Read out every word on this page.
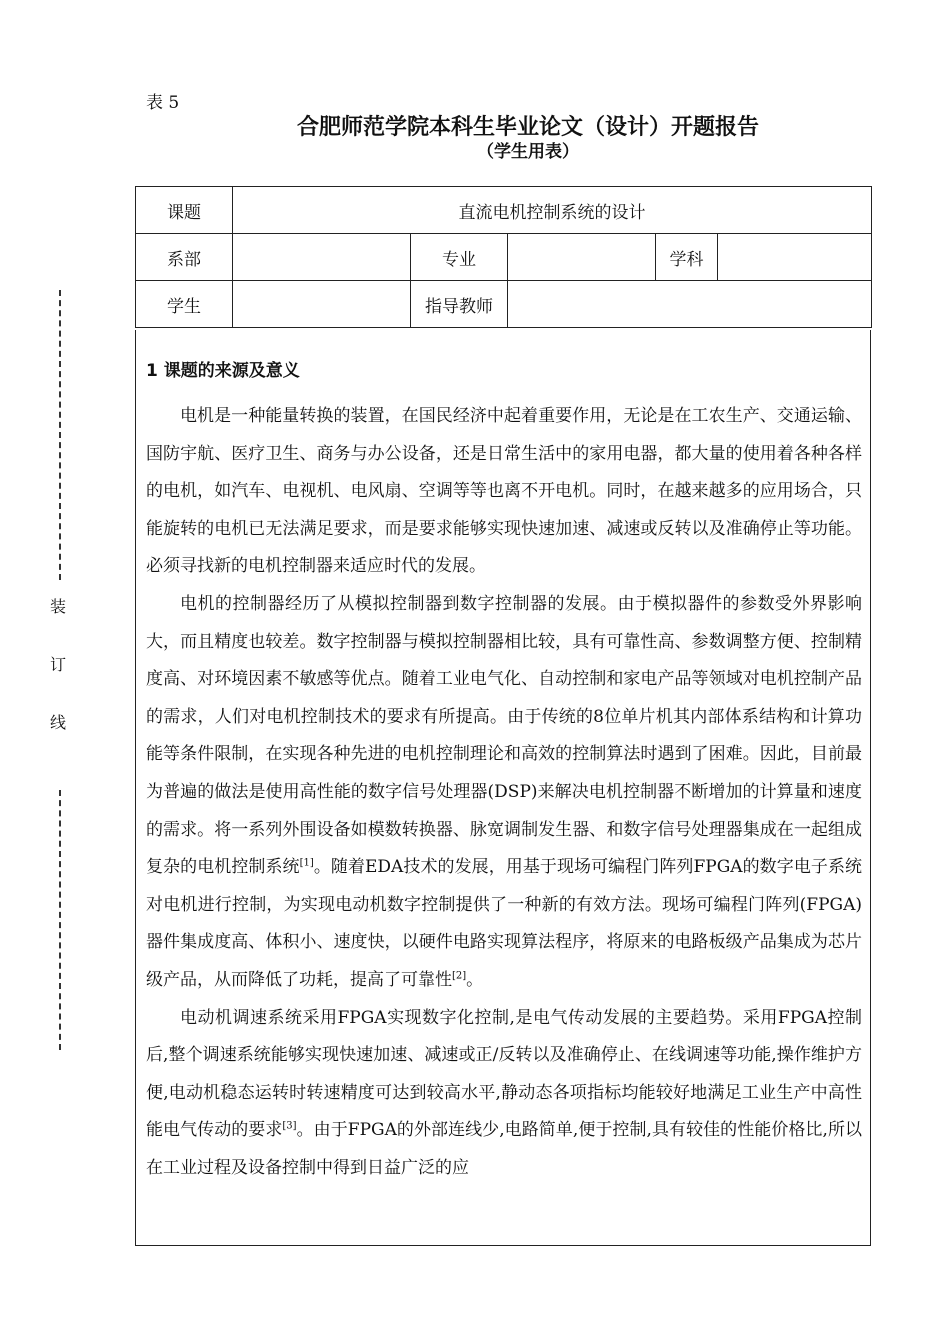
表 5
合肥师范学院本科生毕业论文（设计）开题报告
（学生用表）
装
订
线
课题	直流电机控制系统的设计				
系部		专业		学科	
学生		指导教师			
1 课题的来源及意义

电机是一种能量转换的装置，在国民经济中起着重要作用，无论是在工农生产、交通运输、国防宇航、医疗卫生、商务与办公设备，还是日常生活中的家用电器，都大量的使用着各种各样的电机，如汽车、电视机、电风扇、空调等等也离不开电机。同时，在越来越多的应用场合，只能旋转的电机已无法满足要求，而是要求能够实现快速加速、减速或反转以及准确停止等功能。必须寻找新的电机控制器来适应时代的发展。

电机的控制器经历了从模拟控制器到数字控制器的发展。由于模拟器件的参数受外界影响大，而且精度也较差。数字控制器与模拟控制器相比较，具有可靠性高、参数调整方便、控制精度高、对环境因素不敏感等优点。随着工业电气化、自动控制和家电产品等领域对电机控制产品的需求，人们对电机控制技术的要求有所提高。由于传统的8位单片机其内部体系结构和计算功能等条件限制，在实现各种先进的电机控制理论和高效的控制算法时遇到了困难。因此，目前最为普遍的做法是使用高性能的数字信号处理器(DSP)来解决电机控制器不断增加的计算量和速度的需求。将一系列外围设备如模数转换器、脉宽调制发生器、和数字信号处理器集成在一起组成复杂的电机控制系统[1]。随着EDA技术的发展，用基于现场可编程门阵列FPGA的数字电子系统对电机进行控制，为实现电动机数字控制提供了一种新的有效方法。现场可编程门阵列(FPGA)器件集成度高、体积小、速度快，以硬件电路实现算法程序，将原来的电路板级产品集成为芯片级产品，从而降低了功耗，提高了可靠性[2]。

电动机调速系统采用FPGA实现数字化控制,是电气传动发展的主要趋势。采用FPGA控制后,整个调速系统能够实现快速加速、减速或正/反转以及准确停止、在线调速等功能,操作维护方便,电动机稳态运转时转速精度可达到较高水平,静动态各项指标均能较好地满足工业生产中高性能电气传动的要求[3]。由于FPGA的外部连线少,电路简单,便于控制,具有较佳的性能价格比,所以在工业过程及设备控制中得到日益广泛的应
